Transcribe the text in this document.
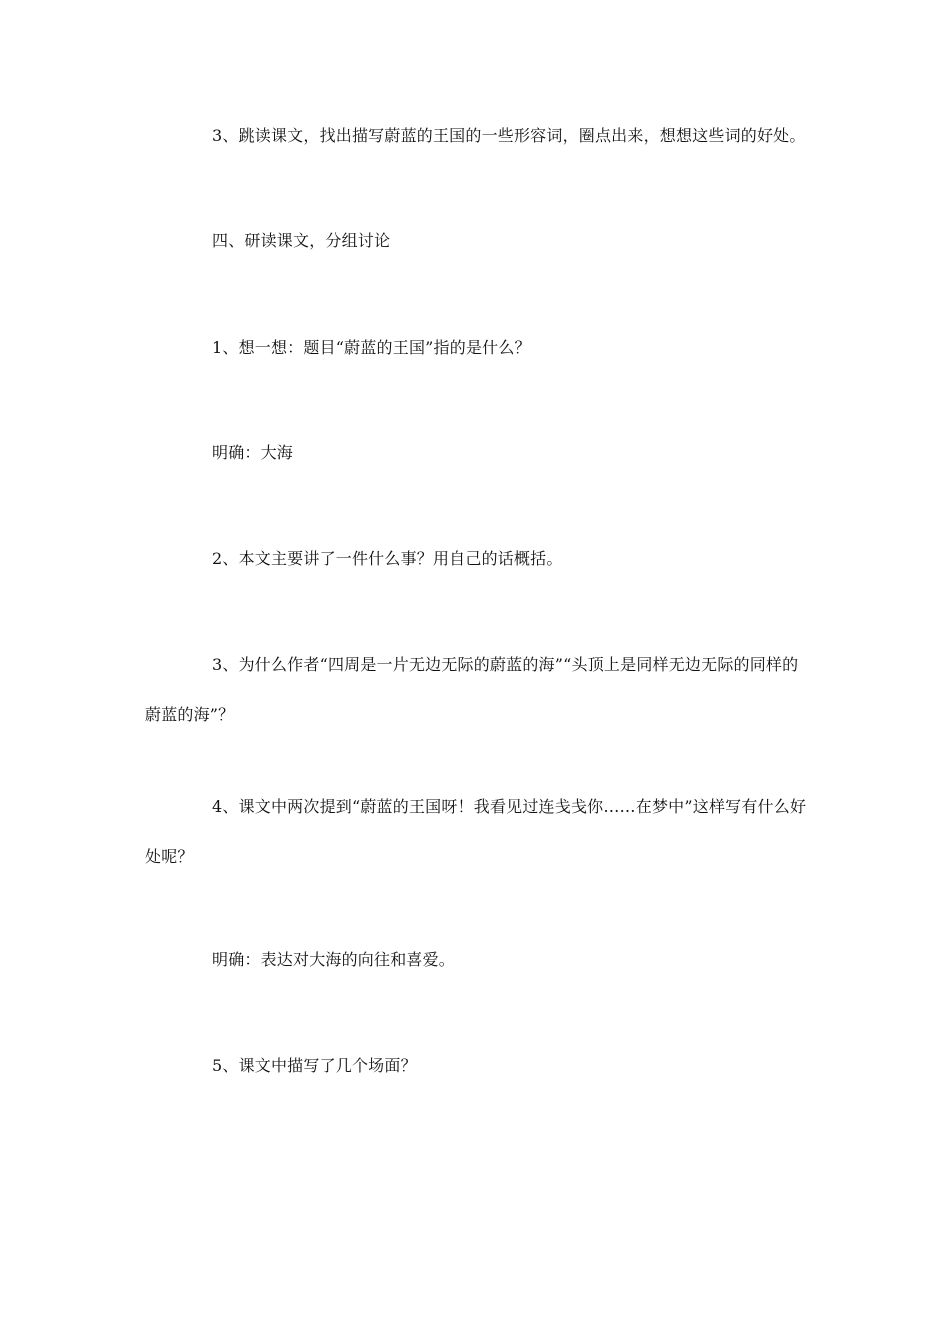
3、跳读课文，找出描写蔚蓝的王国的一些形容词，圈点出来，想想这些词的好处。

四、研读课文，分组讨论

1、想一想：题目“蔚蓝的王国”指的是什么？

明确：大海

2、本文主要讲了一件什么事？用自己的话概括。

3、为什么作者“四周是一片无边无际的蔚蓝的海”“头顶上是同样无边无际的同样的蔚蓝的海”？

4、课文中两次提到“蔚蓝的王国呀！我看见过连戋戋你……在梦中”这样写有什么好处呢？

明确：表达对大海的向往和喜爱。

5、课文中描写了几个场面？
